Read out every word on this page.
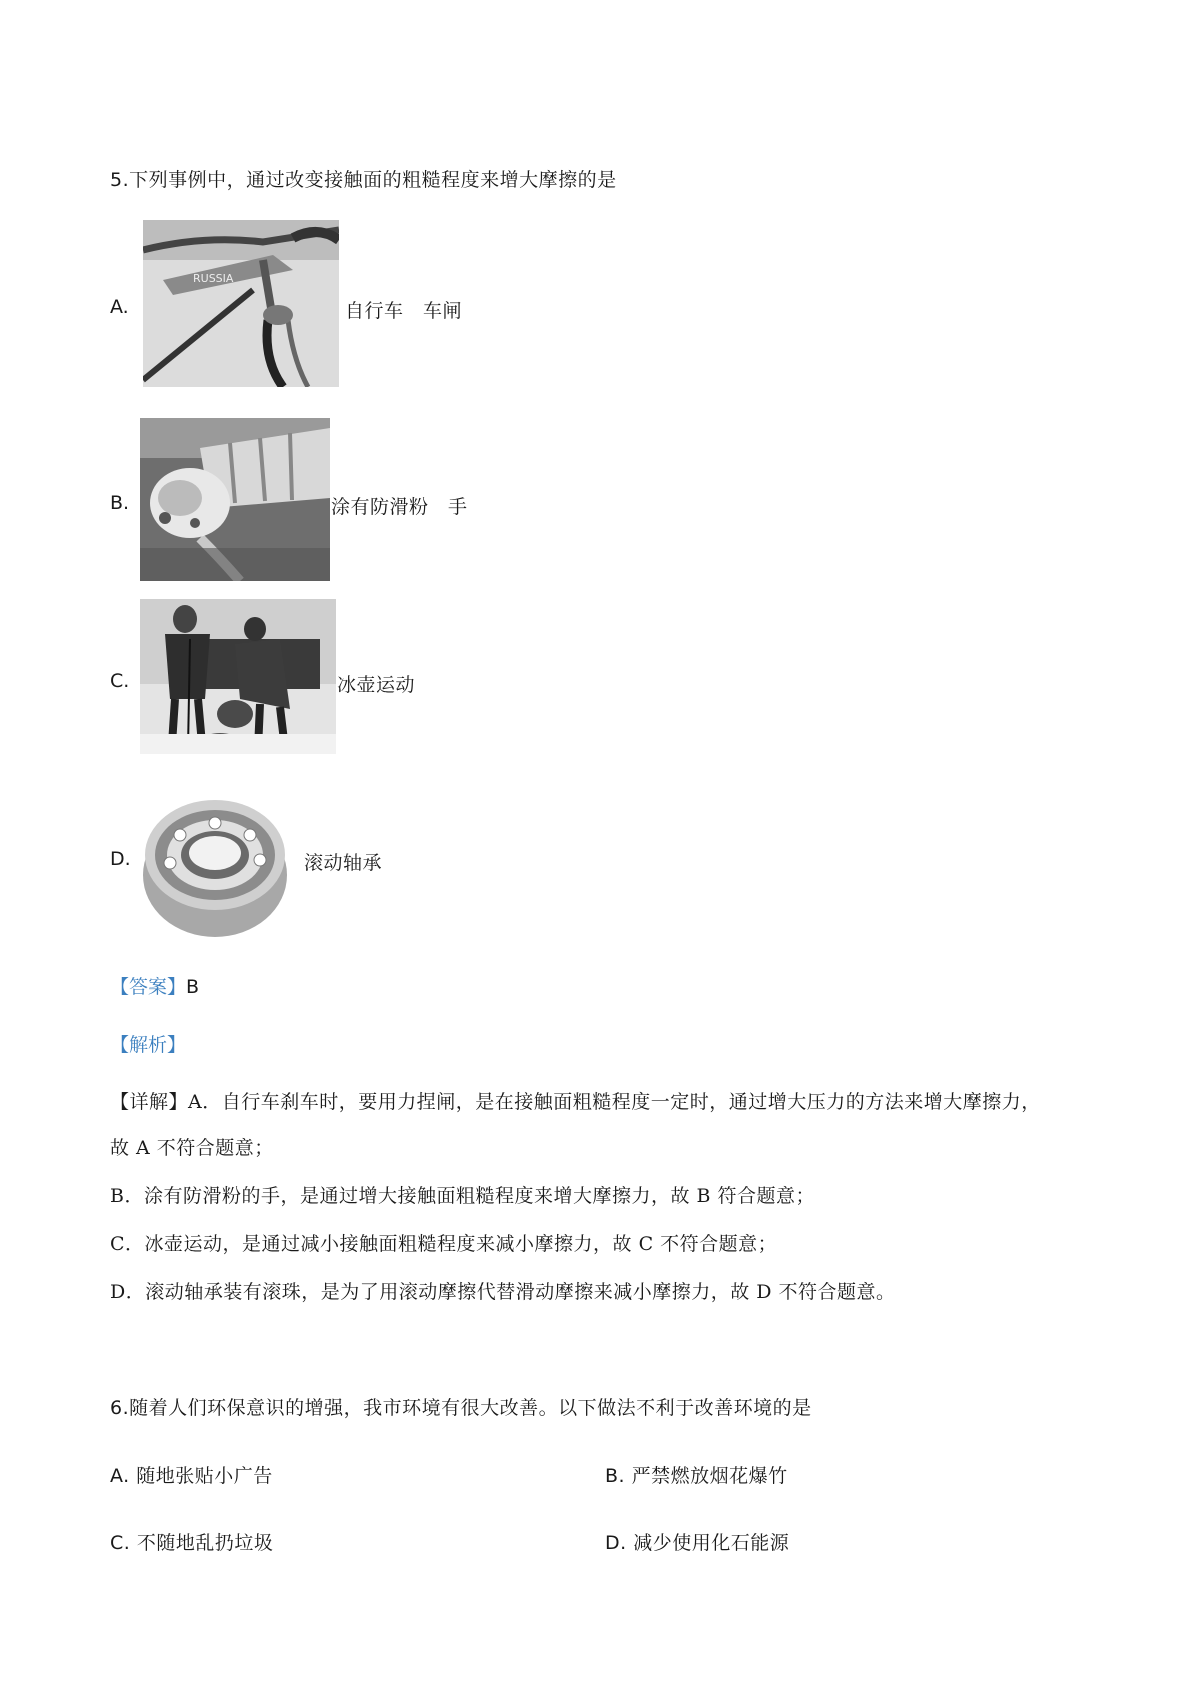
5.下列事例中，通过改变接触面的粗糙程度来增大摩擦的是
A.
RUSSIA
自行车　车闸
B.	涂有防滑粉　手
C.	冰壶运动
D.	滚动轴承
【答案】B
【解析】
【详解】A．自行车刹车时，要用力捏闸，是在接触面粗糙程度一定时，通过增大压力的方法来增大摩擦力，
故 A 不符合题意；
B．涂有防滑粉的手，是通过增大接触面粗糙程度来增大摩擦力，故 B 符合题意；
C．冰壶运动，是通过减小接触面粗糙程度来减小摩擦力，故 C 不符合题意；
D．滚动轴承装有滚珠，是为了用滚动摩擦代替滑动摩擦来减小摩擦力，故 D 不符合题意。
6.随着人们环保意识的增强，我市环境有很大改善。以下做法不利于改善环境的是
A. 随地张贴小广告	B. 严禁燃放烟花爆竹
C. 不随地乱扔垃圾	D. 减少使用化石能源
